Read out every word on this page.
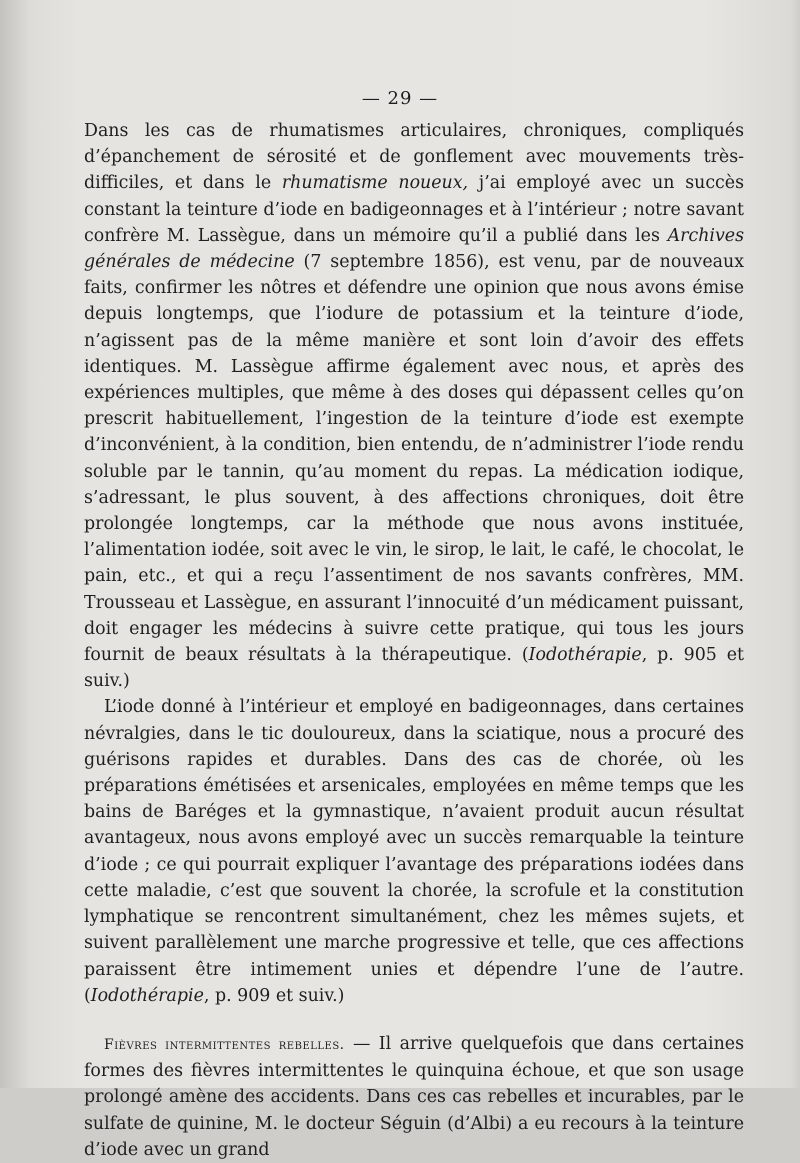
— 29 —

Dans les cas de rhumatismes articulaires, chroniques, compliqués d’épanchement de sérosité et de gonflement avec mouvements très-difficiles, et dans le rhumatisme noueux, j’ai employé avec un succès constant la teinture d’iode en badigeonnages et à l’intérieur ; notre savant confrère M. Lassègue, dans un mémoire qu’il a publié dans les Archives générales de médecine (7 septembre 1856), est venu, par de nouveaux faits, confirmer les nôtres et défendre une opinion que nous avons émise depuis longtemps, que l’iodure de potassium et la teinture d’iode, n’agissent pas de la même manière et sont loin d’avoir des effets identiques. M. Lassègue affirme également avec nous, et après des expériences multiples, que même à des doses qui dépassent celles qu’on prescrit habituellement, l’ingestion de la teinture d’iode est exempte d’inconvénient, à la condition, bien entendu, de n’administrer l’iode rendu soluble par le tannin, qu’au moment du repas. La médication iodique, s’adressant, le plus souvent, à des affections chroniques, doit être prolongée longtemps, car la méthode que nous avons instituée, l’alimentation iodée, soit avec le vin, le sirop, le lait, le café, le chocolat, le pain, etc., et qui a reçu l’assentiment de nos savants confrères, MM. Trousseau et Lassègue, en assurant l’innocuité d’un médicament puissant, doit engager les médecins à suivre cette pratique, qui tous les jours fournit de beaux résultats à la thérapeutique. (Iodothérapie, p. 905 et suiv.)

L’iode donné à l’intérieur et employé en badigeonnages, dans certaines névralgies, dans le tic douloureux, dans la sciatique, nous a procuré des guérisons rapides et durables. Dans des cas de chorée, où les préparations émétisées et arsenicales, employées en même temps que les bains de Baréges et la gymnastique, n’avaient produit aucun résultat avantageux, nous avons employé avec un succès remarquable la teinture d’iode ; ce qui pourrait expliquer l’avantage des préparations iodées dans cette maladie, c’est que souvent la chorée, la scrofule et la constitution lymphatique se rencontrent simultanément, chez les mêmes sujets, et suivent parallèlement une marche progressive et telle, que ces affections paraissent être intimement unies et dépendre l’une de l’autre. (Iodothérapie, p. 909 et suiv.)

Fièvres intermittentes rebelles. — Il arrive quelquefois que dans certaines formes des fièvres intermittentes le quinquina échoue, et que son usage prolongé amène des accidents. Dans ces cas rebelles et incurables, par le sulfate de quinine, M. le docteur Séguin (d’Albi) a eu recours à la teinture d’iode avec un grand
